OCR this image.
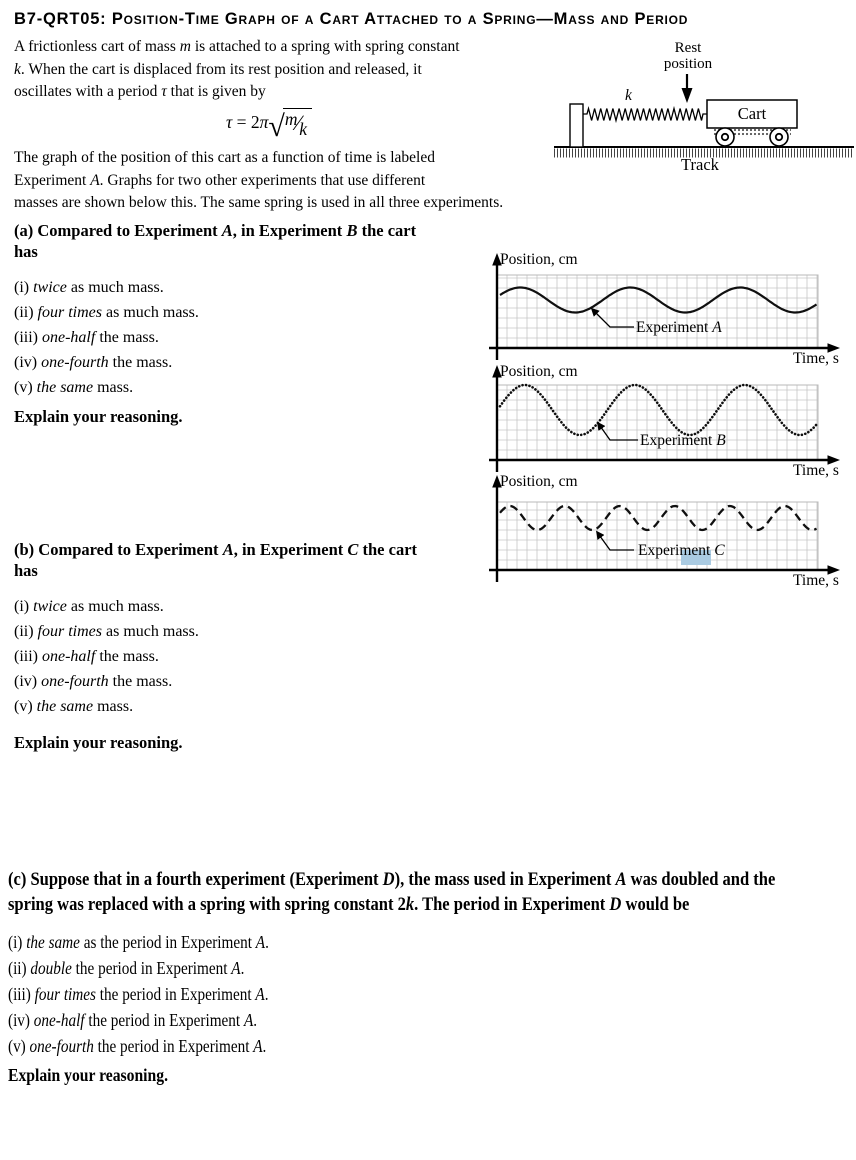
B7-QRT05: Position-Time Graph of a Cart Attached to a Spring—Mass and Period
A frictionless cart of mass m is attached to a spring with spring constant
k. When the cart is displaced from its rest position and released, it
oscillates with a period τ that is given by
τ = 2π√ m∕k
The graph of the position of this cart as a function of time is labeled
Experiment A. Graphs for two other experiments that use different
masses are shown below this. The same spring is used in all three experiments.
Rest
position
k
Cart
Track
Position, cm
Experiment A
Time, s
Position, cm
Experiment B
Time, s
Position, cm
Experiment C
Time, s
(a) Compared to Experiment A, in Experiment B the cart
has
(i) twice as much mass.
(ii) four times as much mass.
(iii) one-half the mass.
(iv) one-fourth the mass.
(v) the same mass.
Explain your reasoning.
(b) Compared to Experiment A, in Experiment C the cart
has
(i) twice as much mass.
(ii) four times as much mass.
(iii) one-half the mass.
(iv) one-fourth the mass.
(v) the same mass.
Explain your reasoning.
(c) Suppose that in a fourth experiment (Experiment D), the mass used in Experiment A was doubled and the
spring was replaced with a spring with spring constant 2k. The period in Experiment D would be
(i) the same as the period in Experiment A.
(ii) double the period in Experiment A.
(iii) four times the period in Experiment A.
(iv) one-half the period in Experiment A.
(v) one-fourth the period in Experiment A.
Explain your reasoning.
